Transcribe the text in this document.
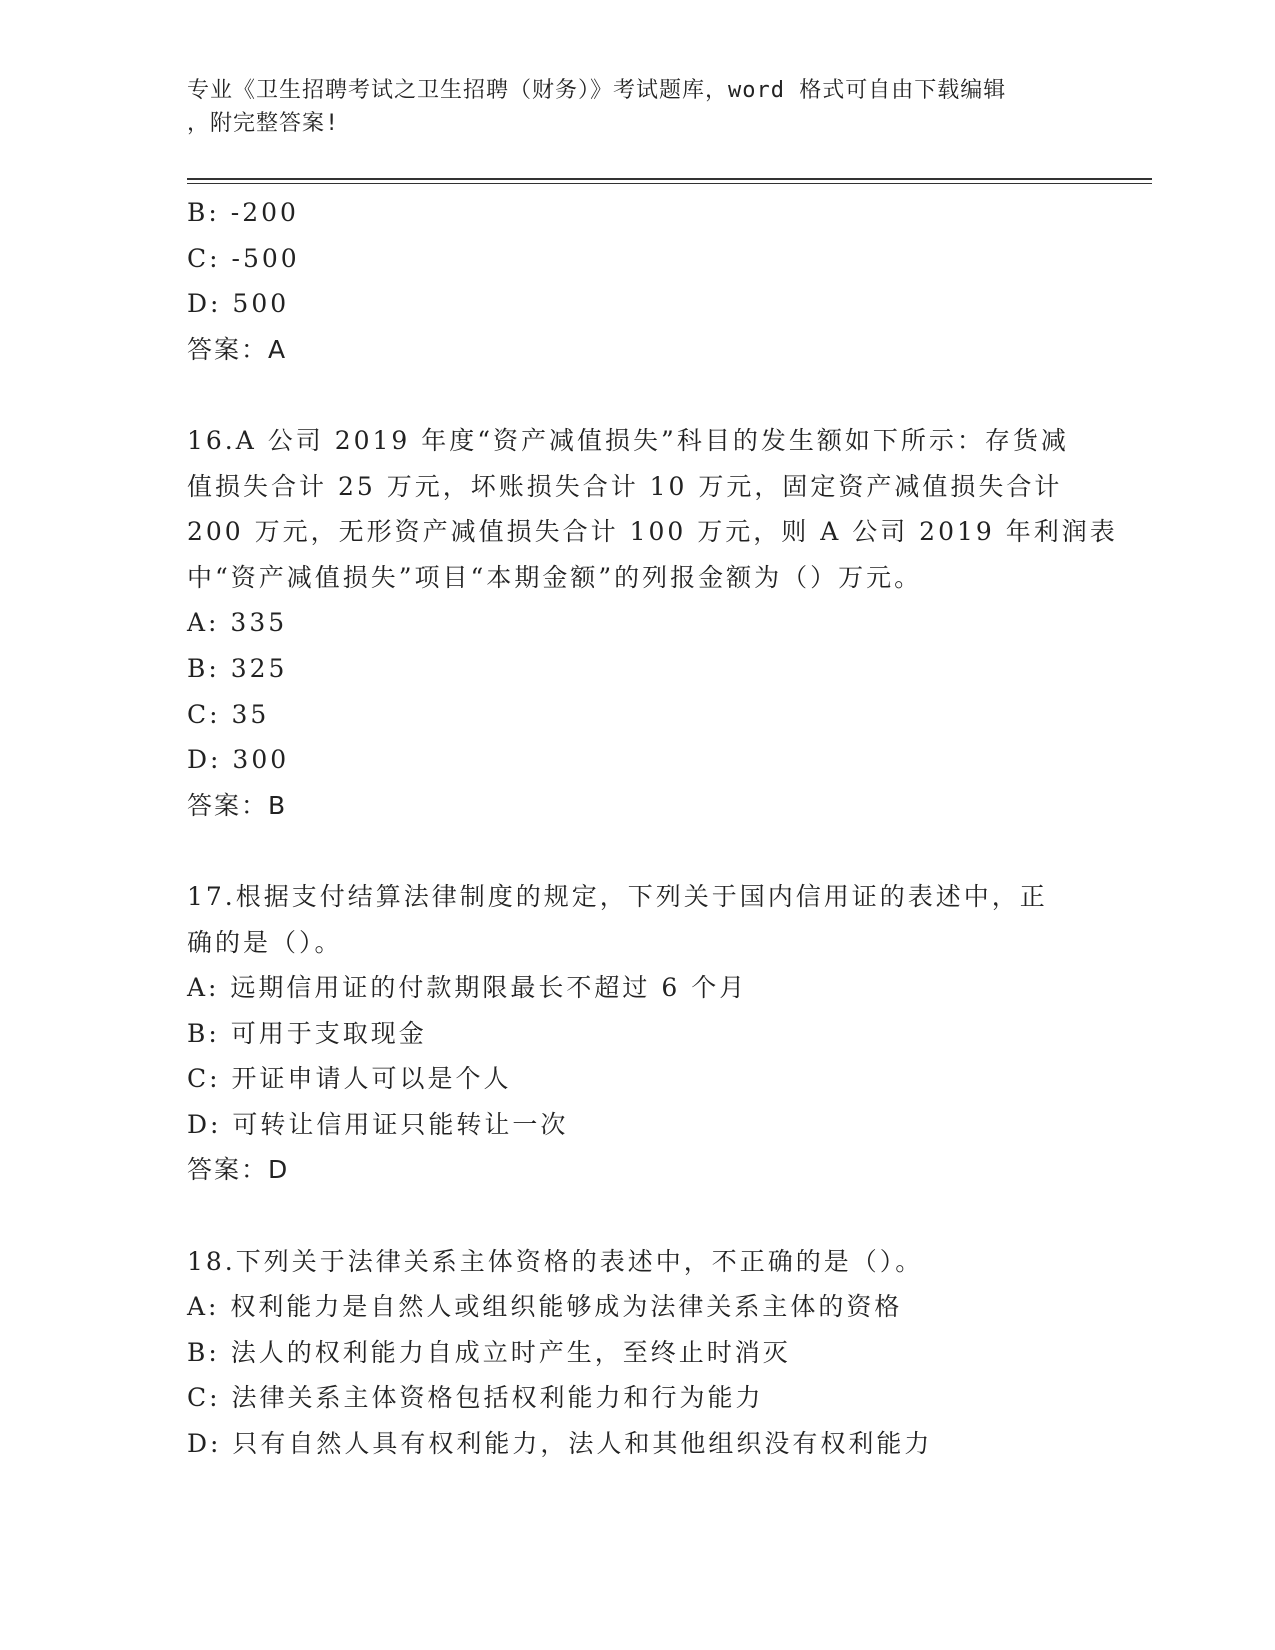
专业《卫生招聘考试之卫生招聘（财务）》考试题库，word 格式可自由下载编辑
，附完整答案!
B: -200
C: -500
D: 500
答案：A
16.A 公司 2019 年度“资产减值损失”科目的发生额如下所示：存货减
值损失合计 25 万元，坏账损失合计 10 万元，固定资产减值损失合计
200 万元，无形资产减值损失合计 100 万元，则 A 公司 2019 年利润表
中“资产减值损失”项目“本期金额”的列报金额为（）万元。
A: 335
B: 325
C: 35
D: 300
答案：B
17.根据支付结算法律制度的规定，下列关于国内信用证的表述中，正
确的是（）。
A: 远期信用证的付款期限最长不超过 6 个月
B: 可用于支取现金
C: 开证申请人可以是个人
D: 可转让信用证只能转让一次
答案：D
18.下列关于法律关系主体资格的表述中，不正确的是（）。
A: 权利能力是自然人或组织能够成为法律关系主体的资格
B: 法人的权利能力自成立时产生，至终止时消灭
C: 法律关系主体资格包括权利能力和行为能力
D: 只有自然人具有权利能力，法人和其他组织没有权利能力
